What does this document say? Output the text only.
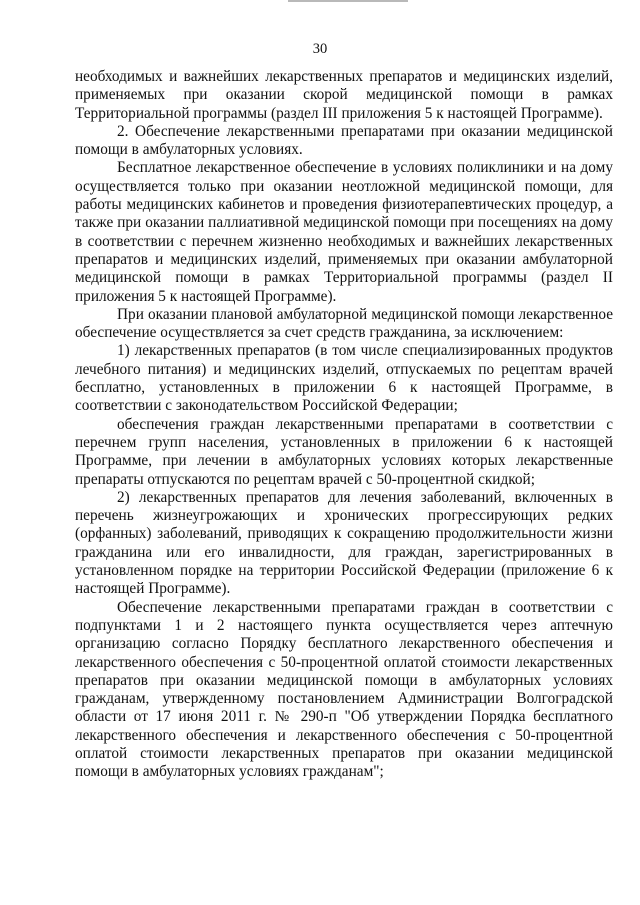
30

необходимых и важнейших лекарственных препаратов и медицинских изделий, применяемых при оказании скорой медицинской помощи в рамках Территориальной программы (раздел III приложения 5 к настоящей Программе).

2. Обеспечение лекарственными препаратами при оказании медицинской помощи в амбулаторных условиях.

Бесплатное лекарственное обеспечение в условиях поликлиники и на дому осуществляется только при оказании неотложной медицинской помощи, для работы медицинских кабинетов и проведения физиотерапевтических процедур, а также при оказании паллиативной медицинской помощи при посещениях на дому в соответствии с перечнем жизненно необходимых и важнейших лекарственных препаратов и медицинских изделий, применяемых при оказании амбулаторной медицинской помощи в рамках Территориальной программы (раздел II приложения 5 к настоящей Программе).

При оказании плановой амбулаторной медицинской помощи лекарственное обеспечение осуществляется за счет средств гражданина, за исключением:

1) лекарственных препаратов (в том числе специализированных продуктов лечебного питания) и медицинских изделий, отпускаемых по рецептам врачей бесплатно, установленных в приложении 6 к настоящей Программе, в соответствии с законодательством Российской Федерации;

обеспечения граждан лекарственными препаратами в соответствии с перечнем групп населения, установленных в приложении 6 к настоящей Программе, при лечении в амбулаторных условиях которых лекарственные препараты отпускаются по рецептам врачей с 50-процентной скидкой;

2) лекарственных препаратов для лечения заболеваний, включенных в перечень жизнеугрожающих и хронических прогрессирующих редких (орфанных) заболеваний, приводящих к сокращению продолжительности жизни гражданина или его инвалидности, для граждан, зарегистрированных в установленном порядке на территории Российской Федерации (приложение 6 к настоящей Программе).

Обеспечение лекарственными препаратами граждан в соответствии с подпунктами 1 и 2 настоящего пункта осуществляется через аптечную организацию согласно Порядку бесплатного лекарственного обеспечения и лекарственного обеспечения с 50-процентной оплатой стоимости лекарственных препаратов при оказании медицинской помощи в амбулаторных условиях гражданам, утвержденному постановлением Администрации Волгоградской области от 17 июня 2011 г. № 290-п "Об утверждении Порядка бесплатного лекарственного обеспечения и лекарственного обеспечения с 50-процентной оплатой стоимости лекарственных препаратов при оказании медицинской помощи в амбулаторных условиях гражданам";
